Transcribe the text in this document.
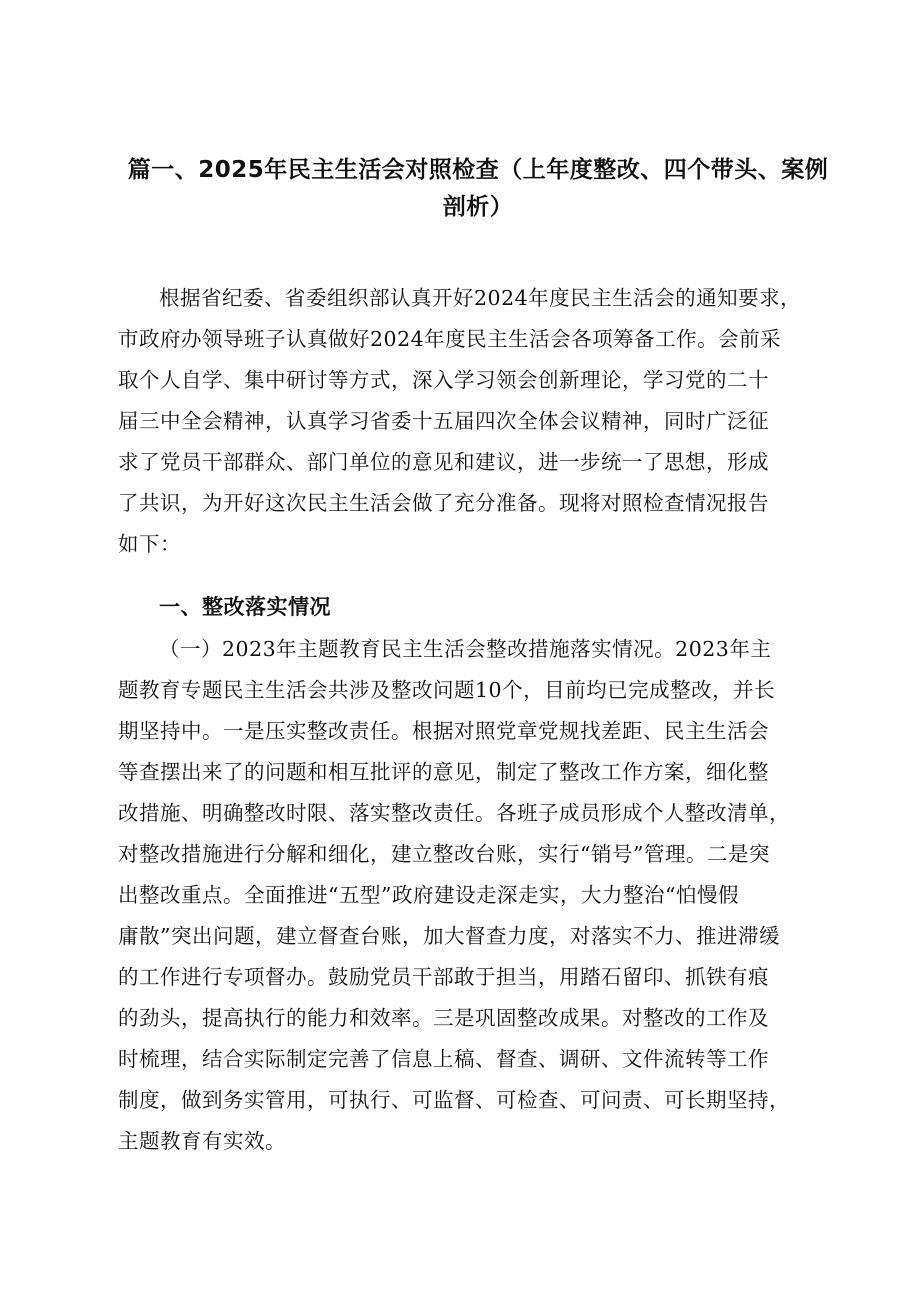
篇一、2025年民主生活会对照检查（上年度整改、四个带头、案例
剖析）
根据省纪委、省委组织部认真开好2024年度民主生活会的通知要求，
市政府办领导班子认真做好2024年度民主生活会各项筹备工作。会前采
取个人自学、集中研讨等方式，深入学习领会创新理论，学习党的二十
届三中全会精神，认真学习省委十五届四次全体会议精神，同时广泛征
求了党员干部群众、部门单位的意见和建议，进一步统一了思想，形成
了共识，为开好这次民主生活会做了充分准备。现将对照检查情况报告
如下：
一、整改落实情况
（一）2023年主题教育民主生活会整改措施落实情况。2023年主
题教育专题民主生活会共涉及整改问题10个，目前均已完成整改，并长
期坚持中。一是压实整改责任。根据对照党章党规找差距、民主生活会
等查摆出来了的问题和相互批评的意见，制定了整改工作方案，细化整
改措施、明确整改时限、落实整改责任。各班子成员形成个人整改清单，
对整改措施进行分解和细化，建立整改台账，实行“销号”管理。二是突
出整改重点。全面推进“五型”政府建设走深走实，大力整治“怕慢假
庸散”突出问题，建立督查台账，加大督查力度，对落实不力、推进滞缓
的工作进行专项督办。鼓励党员干部敢于担当，用踏石留印、抓铁有痕
的劲头，提高执行的能力和效率。三是巩固整改成果。对整改的工作及
时梳理，结合实际制定完善了信息上稿、督查、调研、文件流转等工作
制度，做到务实管用，可执行、可监督、可检查、可问责、可长期坚持，
主题教育有实效。
